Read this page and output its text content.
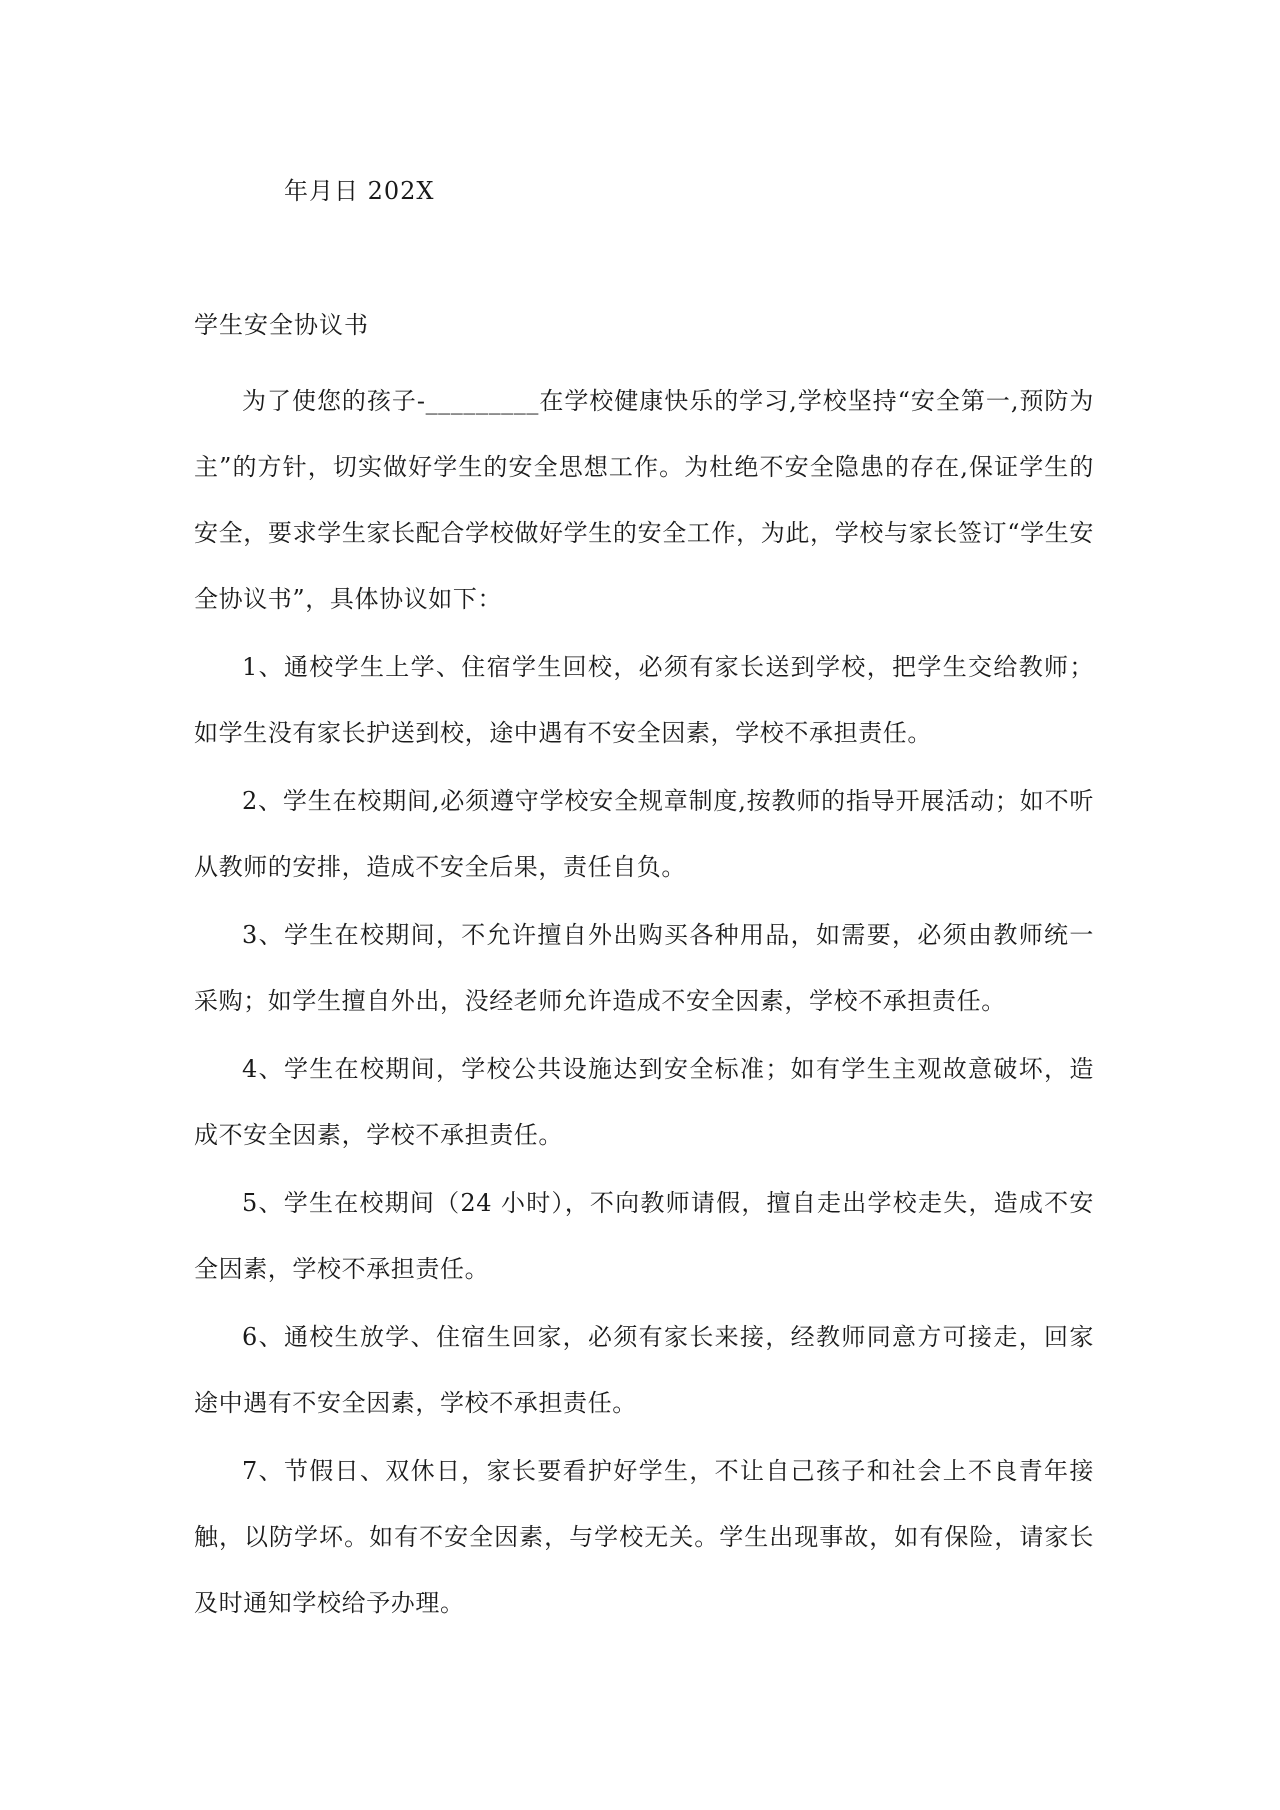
年月日 202X
学生安全协议书

为了使您的孩子-_________在学校健康快乐的学习,学校坚持“安全第一,预防为主”的方针，切实做好学生的安全思想工作。为杜绝不安全隐患的存在,保证学生的安全，要求学生家长配合学校做好学生的安全工作，为此，学校与家长签订“学生安全协议书”，具体协议如下：

1、通校学生上学、住宿学生回校，必须有家长送到学校，把学生交给教师；如学生没有家长护送到校，途中遇有不安全因素，学校不承担责任。

2、学生在校期间,必须遵守学校安全规章制度,按教师的指导开展活动；如不听从教师的安排，造成不安全后果，责任自负。

3、学生在校期间，不允许擅自外出购买各种用品，如需要，必须由教师统一采购；如学生擅自外出，没经老师允许造成不安全因素，学校不承担责任。

4、学生在校期间，学校公共设施达到安全标准；如有学生主观故意破坏，造成不安全因素，学校不承担责任。

5、学生在校期间（24 小时），不向教师请假，擅自走出学校走失，造成不安全因素，学校不承担责任。

6、通校生放学、住宿生回家，必须有家长来接，经教师同意方可接走，回家途中遇有不安全因素，学校不承担责任。

7、节假日、双休日，家长要看护好学生，不让自己孩子和社会上不良青年接触，以防学坏。如有不安全因素，与学校无关。学生出现事故，如有保险，请家长及时通知学校给予办理。
